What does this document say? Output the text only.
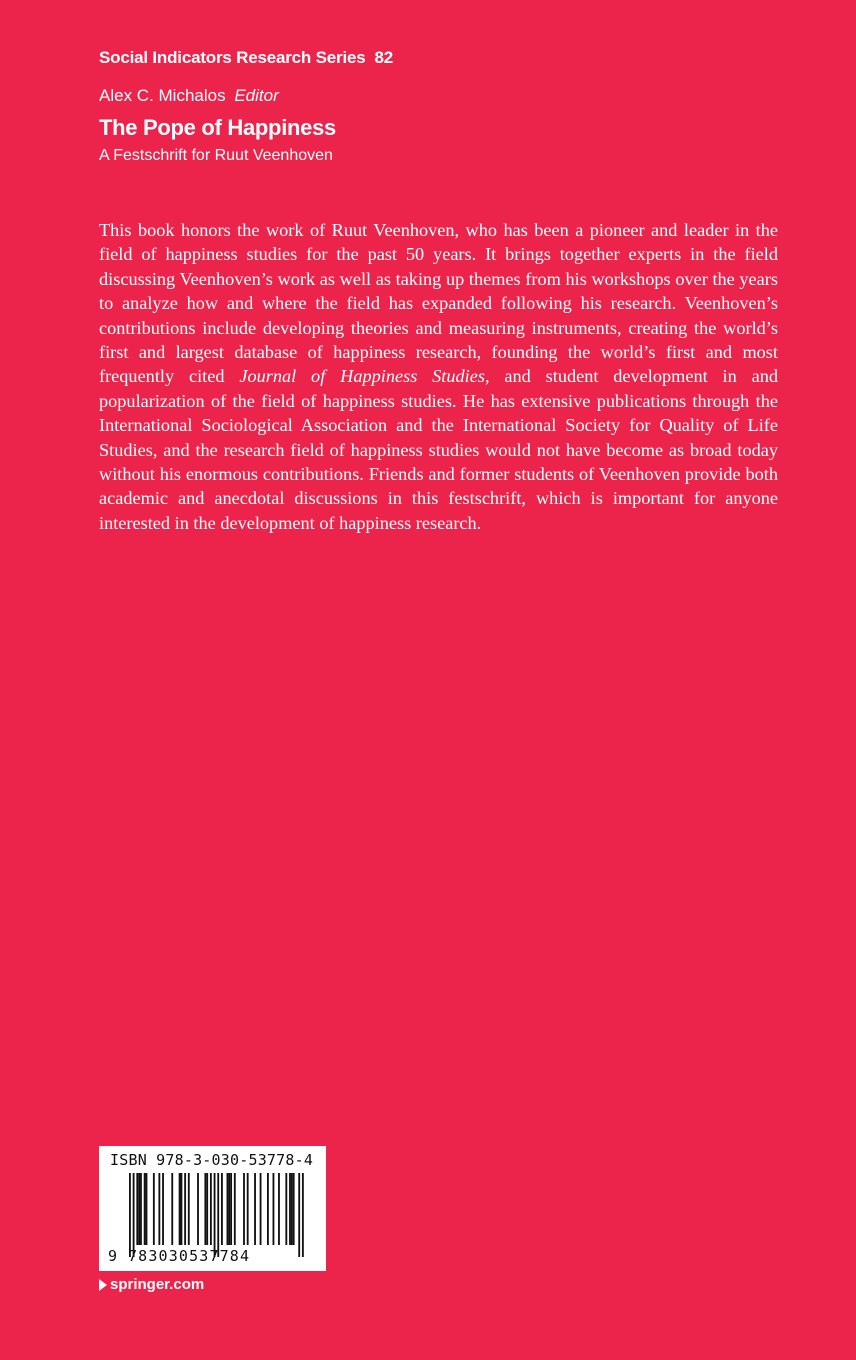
Social Indicators Research Series 82
Alex C. Michalos Editor
The Pope of Happiness
A Festschrift for Ruut Veenhoven

This book honors the work of Ruut Veenhoven, who has been a pioneer and leader in the field of happiness studies for the past 50 years. It brings together experts in the field discussing Veenhoven’s work as well as taking up themes from his workshops over the years to analyze how and where the field has expanded following his research. Veenhoven’s contributions include developing theories and measuring instruments, creating the world’s first and largest database of happiness research, founding the world’s first and most frequently cited Journal of Happiness Studies, and student development in and popularization of the field of happiness studies. He has extensive publications through the International Sociological Association and the International Society for Quality of Life Studies, and the research field of happiness studies would not have become as broad today without his enormous contributions. Friends and former students of Veenhoven provide both academic and anecdotal discussions in this festschrift, which is important for anyone interested in the development of happiness research.

ISBN 978-3-030-53778-4
9 783030537784
springer.com
